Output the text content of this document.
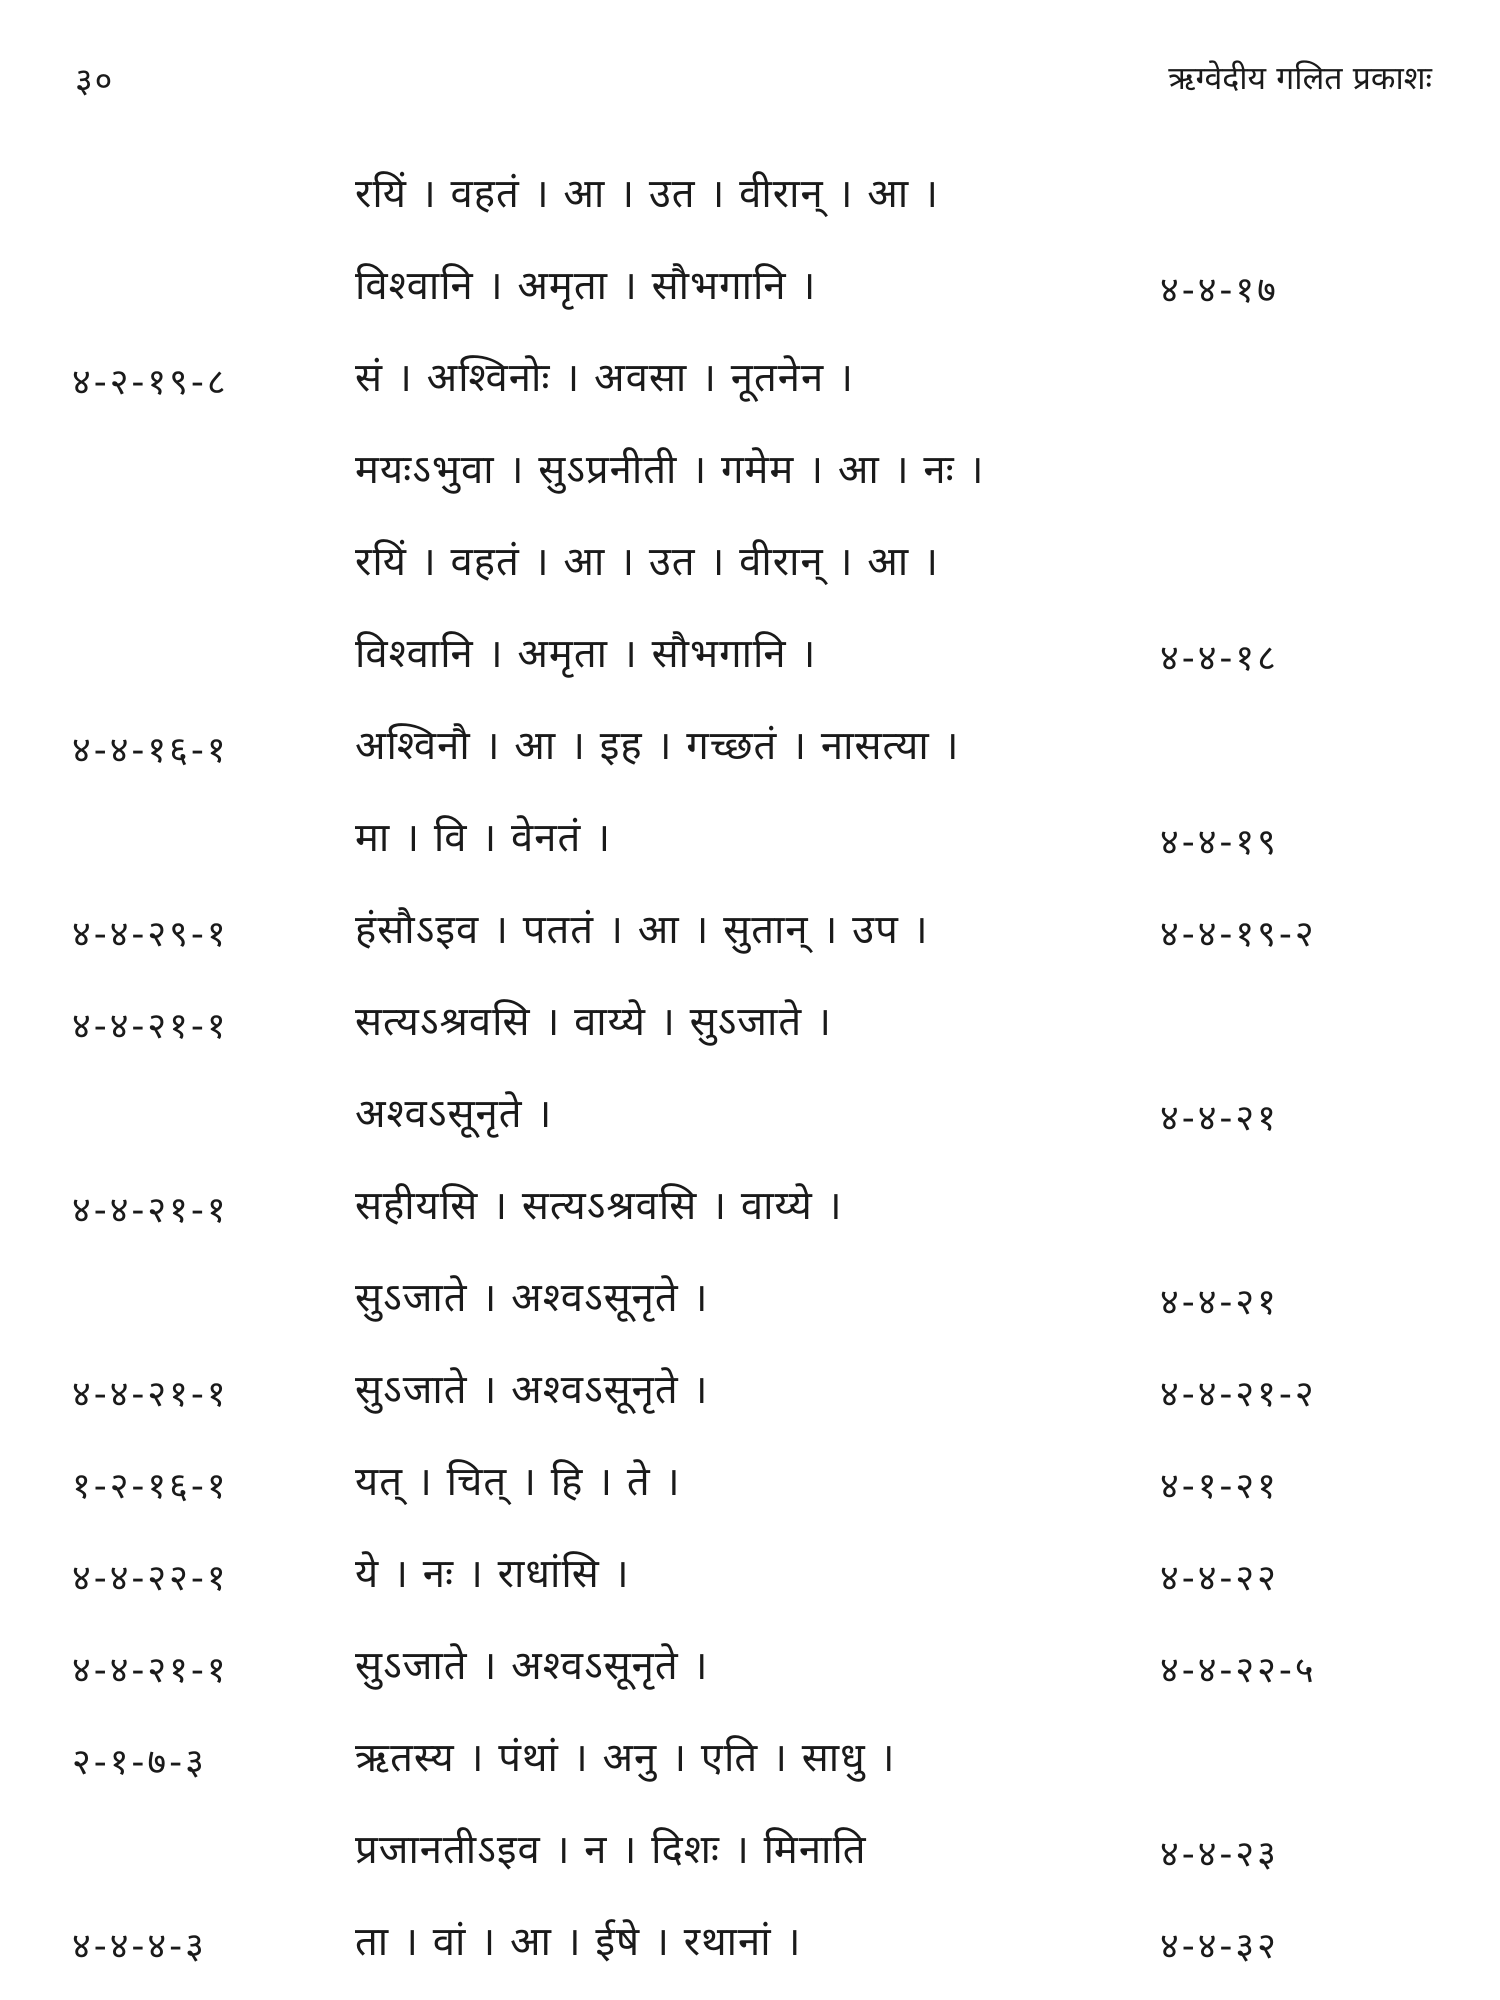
३०	ऋग्वेदीय गलित प्रकाशः
रयिं । वहतं । आ । उत । वीरान् । आ ।
विश्वानि । अमृता । सौभगानि ।	४-४-१७
४-२-१९-८	सं । अश्विनोः । अवसा । नूतनेन ।
मयःऽभुवा । सुऽप्रनीती । गमेम । आ । नः ।
रयिं । वहतं । आ । उत । वीरान् । आ ।
विश्वानि । अमृता । सौभगानि ।	४-४-१८
४-४-१६-१	अश्विनौ । आ । इह । गच्छतं । नासत्या ।
मा । वि । वेनतं ।	४-४-१९
४-४-२९-१	हंसौऽइव । पततं । आ । सुतान् । उप ।	४-४-१९-२
४-४-२१-१	सत्यऽश्रवसि । वाय्ये । सुऽजाते ।
अश्वऽसूनृते ।	४-४-२१
४-४-२१-१	सहीयसि । सत्यऽश्रवसि । वाय्ये ।
सुऽजाते । अश्वऽसूनृते ।	४-४-२१
४-४-२१-१	सुऽजाते । अश्वऽसूनृते ।	४-४-२१-२
१-२-१६-१	यत् । चित् । हि । ते ।	४-१-२१
४-४-२२-१	ये । नः । राधांसि ।	४-४-२२
४-४-२१-१	सुऽजाते । अश्वऽसूनृते ।	४-४-२२-५
२-१-७-३	ऋतस्य । पंथां । अनु । एति । साधु ।
प्रजानतीऽइव । न । दिशः । मिनाति	४-४-२३
४-४-४-३	ता । वां । आ । ईषे । रथानां ।	४-४-३२
